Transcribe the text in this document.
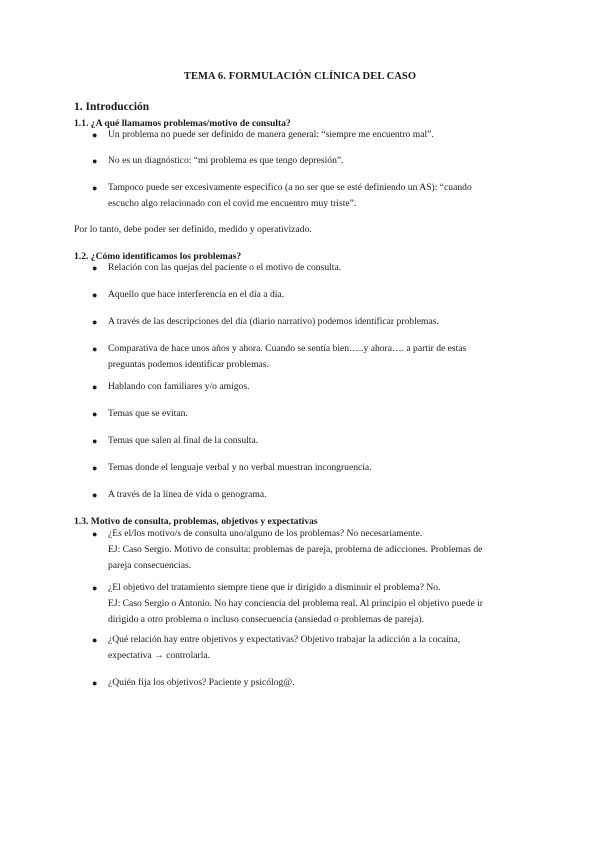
TEMA 6. FORMULACIÓN CLÍNICA DEL CASO
1. Introducción
1.1. ¿A qué llamamos problemas/motivo de consulta?
● Un problema no puede ser definido de manera general: “siempre me encuentro mal”.
● No es un diagnóstico: “mi problema es que tengo depresión”.
● Tampoco puede ser excesivamente específico (a no ser que se esté definiendo un AS): “cuando
escucho algo relacionado con el covid me encuentro muy triste”.
Por lo tanto, debe poder ser definido, medido y operativizado.
1.2. ¿Cómo identificamos los problemas?
● Relación con las quejas del paciente o el motivo de consulta.
● Aquello que hace interferencia en el día a día.
● A través de las descripciones del día (diario narrativo) podemos identificar problemas.
● Comparativa de hace unos años y ahora. Cuando se sentía bien…..y ahora…. a partir de estas
preguntas podemos identificar problemas.
● Hablando con familiares y/o amigos.
● Temas que se evitan.
● Temas que salen al final de la consulta.
● Temas donde el lenguaje verbal y no verbal muestran incongruencia.
● A través de la línea de vida o genograma.
1.3. Motivo de consulta, problemas, objetivos y expectativas
● ¿Es el/los motivo/s de consulta uno/alguno de los problemas? No necesariamente.
EJ: Caso Sergio. Motivo de consulta: problemas de pareja, problema de adicciones. Problemas de
pareja consecuencias.
● ¿El objetivo del tratamiento siempre tiene que ir dirigido a disminuir el problema? No.
EJ: Caso Sergio o Antonio. No hay conciencia del problema real. Al principio el objetivo puede ir
dirigido a otro problema o incluso consecuencia (ansiedad o problemas de pareja).
● ¿Qué relación hay entre objetivos y expectativas? Objetivo trabajar la adicción a la cocaína,
expectativa → controlarla.
● ¿Quién fija los objetivos? Paciente y psicólog@.
